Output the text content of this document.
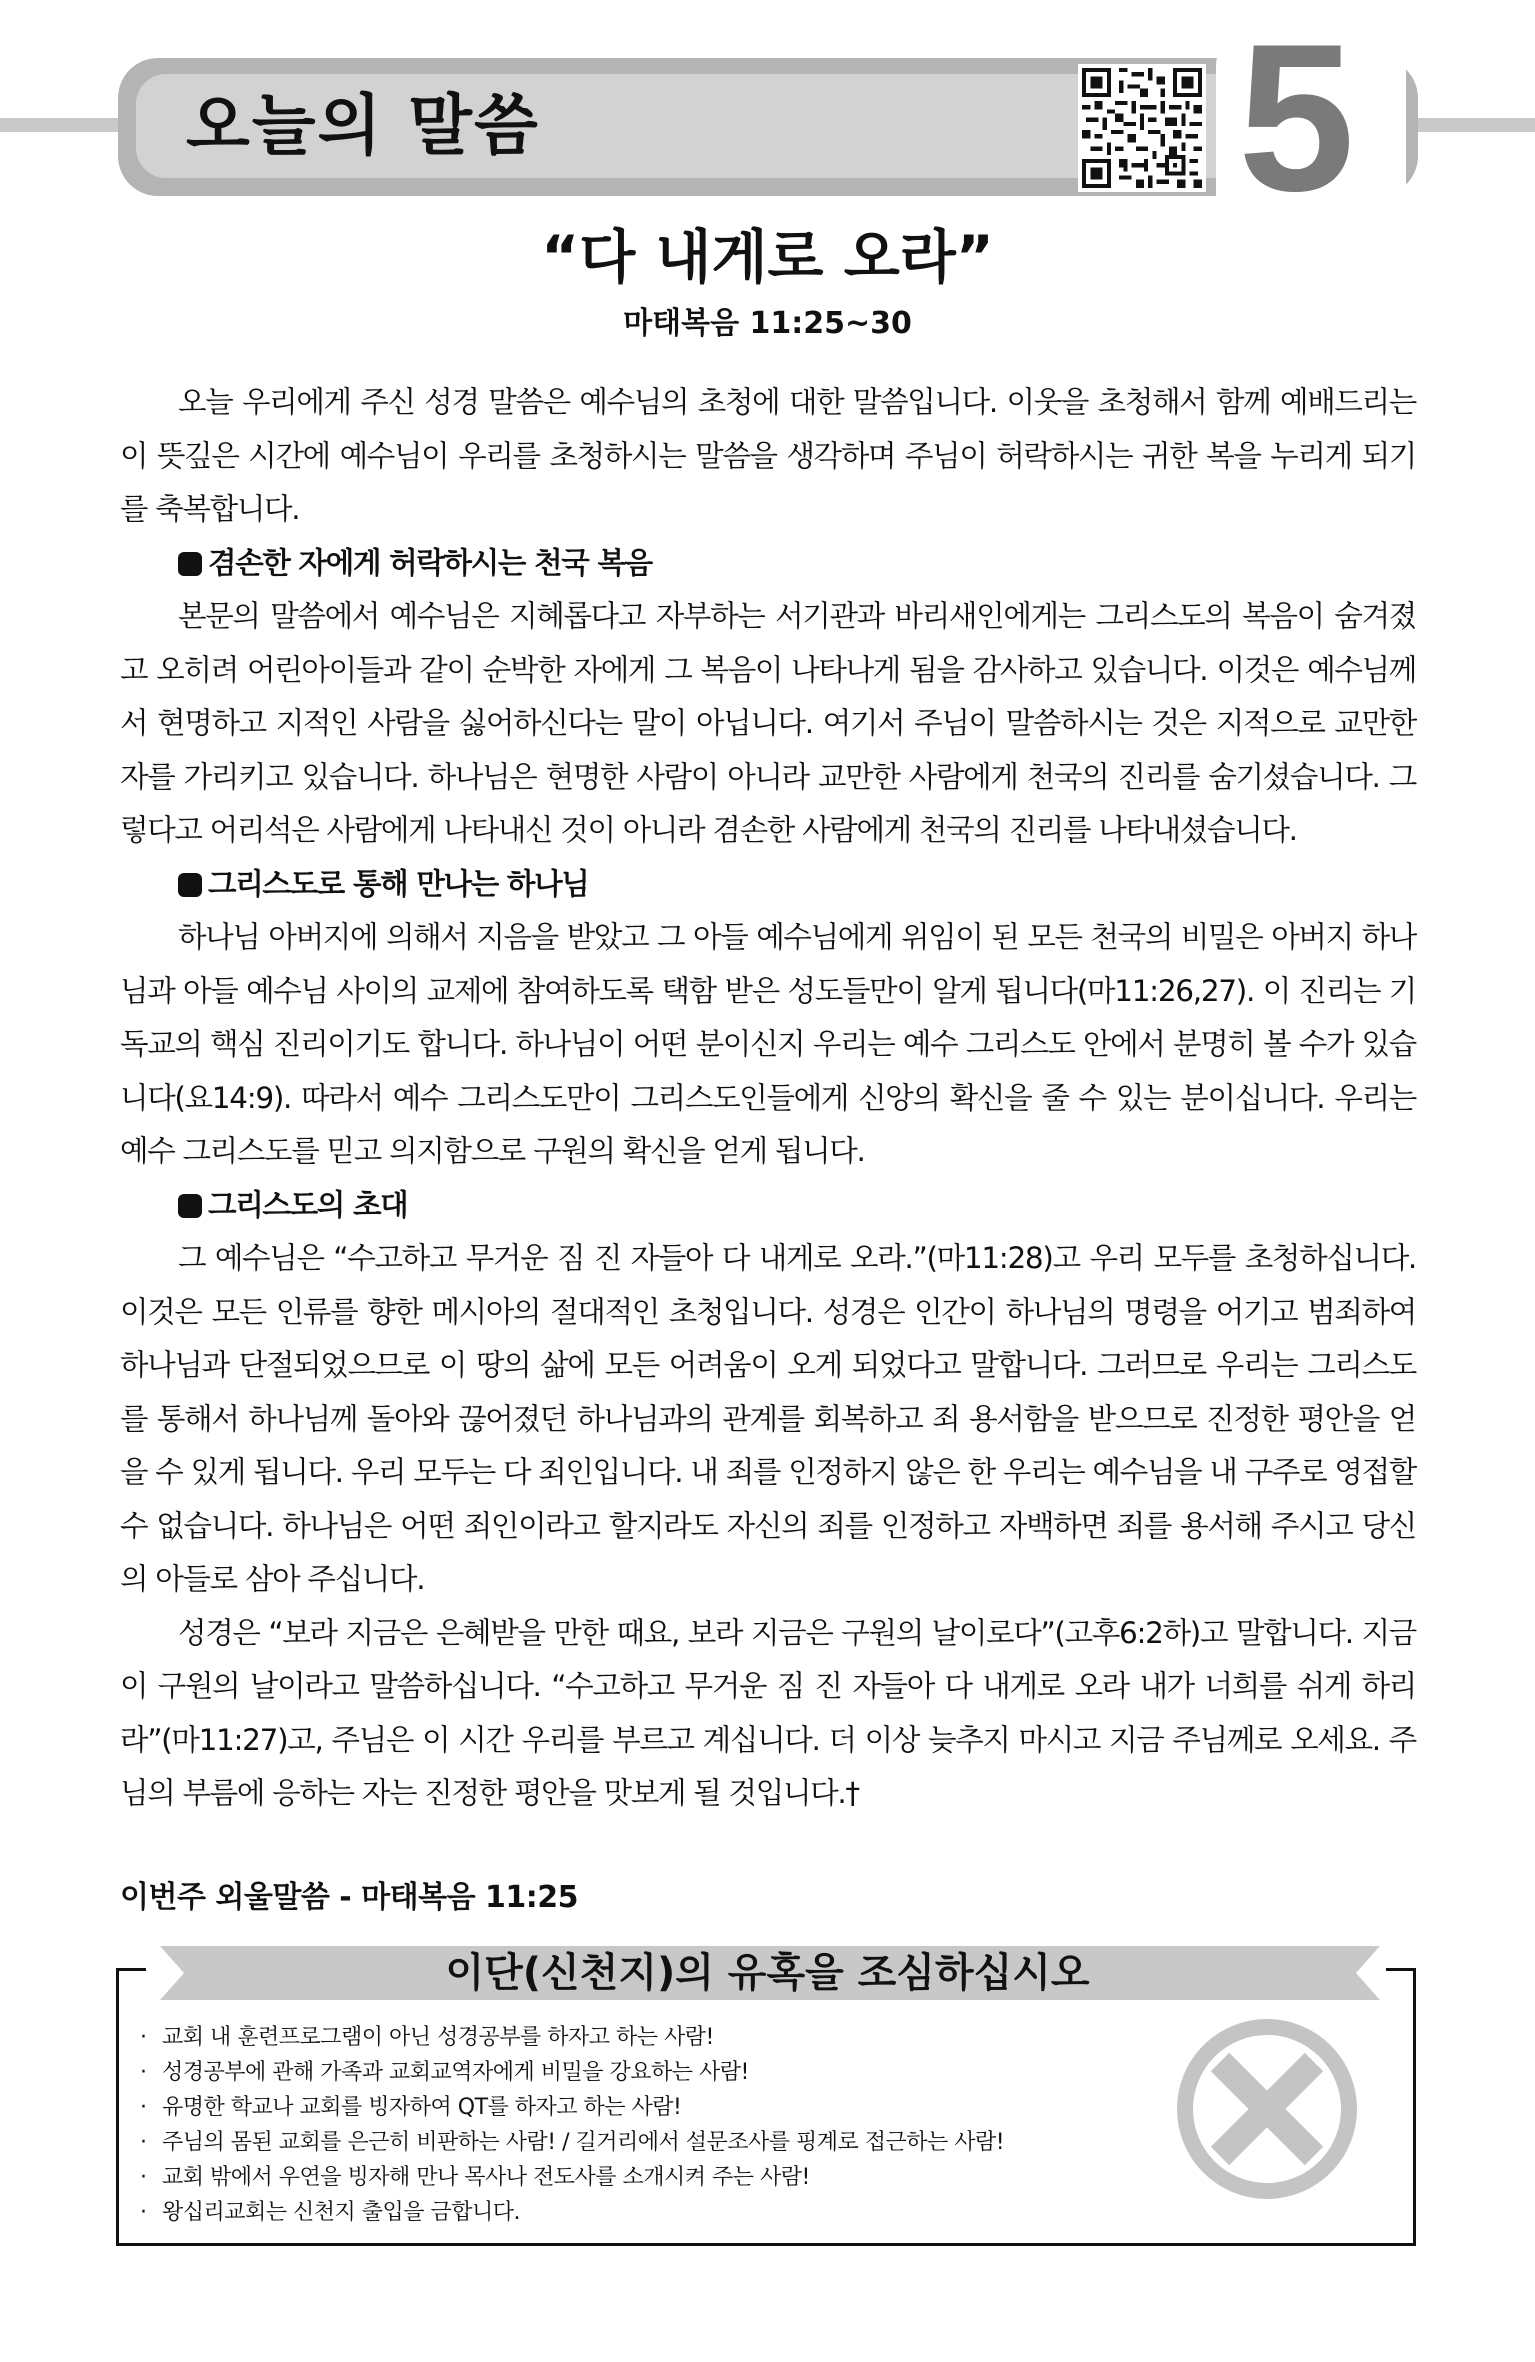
오늘의 말씀	5
“다 내게로 오라”
마태복음 11:25~30

오늘 우리에게 주신 성경 말씀은 예수님의 초청에 대한 말씀입니다. 이웃을 초청해서 함께 예배드리는 이 뜻깊은 시간에 예수님이 우리를 초청하시는 말씀을 생각하며 주님이 허락하시는 귀한 복을 누리게 되기를 축복합니다.

겸손한 자에게 허락하시는 천국 복음

본문의 말씀에서 예수님은 지혜롭다고 자부하는 서기관과 바리새인에게는 그리스도의 복음이 숨겨졌고 오히려 어린아이들과 같이 순박한 자에게 그 복음이 나타나게 됨을 감사하고 있습니다. 이것은 예수님께서 현명하고 지적인 사람을 싫어하신다는 말이 아닙니다. 여기서 주님이 말씀하시는 것은 지적으로 교만한 자를 가리키고 있습니다. 하나님은 현명한 사람이 아니라 교만한 사람에게 천국의 진리를 숨기셨습니다. 그렇다고 어리석은 사람에게 나타내신 것이 아니라 겸손한 사람에게 천국의 진리를 나타내셨습니다.

그리스도로 통해 만나는 하나님

하나님 아버지에 의해서 지음을 받았고 그 아들 예수님에게 위임이 된 모든 천국의 비밀은 아버지 하나님과 아들 예수님 사이의 교제에 참여하도록 택함 받은 성도들만이 알게 됩니다(마11:26,27). 이 진리는 기독교의 핵심 진리이기도 합니다. 하나님이 어떤 분이신지 우리는 예수 그리스도 안에서 분명히 볼 수가 있습니다(요14:9). 따라서 예수 그리스도만이 그리스도인들에게 신앙의 확신을 줄 수 있는 분이십니다. 우리는 예수 그리스도를 믿고 의지함으로 구원의 확신을 얻게 됩니다.

그리스도의 초대

그 예수님은 “수고하고 무거운 짐 진 자들아 다 내게로 오라.”(마11:28)고 우리 모두를 초청하십니다. 이것은 모든 인류를 향한 메시아의 절대적인 초청입니다. 성경은 인간이 하나님의 명령을 어기고 범죄하여 하나님과 단절되었으므로 이 땅의 삶에 모든 어려움이 오게 되었다고 말합니다. 그러므로 우리는 그리스도를 통해서 하나님께 돌아와 끊어졌던 하나님과의 관계를 회복하고 죄 용서함을 받으므로 진정한 평안을 얻을 수 있게 됩니다. 우리 모두는 다 죄인입니다. 내 죄를 인정하지 않은 한 우리는 예수님을 내 구주로 영접할 수 없습니다. 하나님은 어떤 죄인이라고 할지라도 자신의 죄를 인정하고 자백하면 죄를 용서해 주시고 당신의 아들로 삼아 주십니다.

성경은 “보라 지금은 은혜받을 만한 때요, 보라 지금은 구원의 날이로다”(고후6:2하)고 말합니다. 지금이 구원의 날이라고 말씀하십니다. “수고하고 무거운 짐 진 자들아 다 내게로 오라 내가 너희를 쉬게 하리라”(마11:27)고, 주님은 이 시간 우리를 부르고 계십니다. 더 이상 늦추지 마시고 지금 주님께로 오세요. 주님의 부름에 응하는 자는 진정한 평안을 맛보게 될 것입니다.†

이번주 외울말씀 - 마태복음 11:25
이단(신천지)의 유혹을 조심하십시오
· 교회 내 훈련프로그램이 아닌 성경공부를 하자고 하는 사람!
· 성경공부에 관해 가족과 교회교역자에게 비밀을 강요하는 사람!
· 유명한 학교나 교회를 빙자하여 QT를 하자고 하는 사람!
· 주님의 몸된 교회를 은근히 비판하는 사람! / 길거리에서 설문조사를 핑계로 접근하는 사람!
· 교회 밖에서 우연을 빙자해 만나 목사나 전도사를 소개시켜 주는 사람!
· 왕십리교회는 신천지 출입을 금합니다.
